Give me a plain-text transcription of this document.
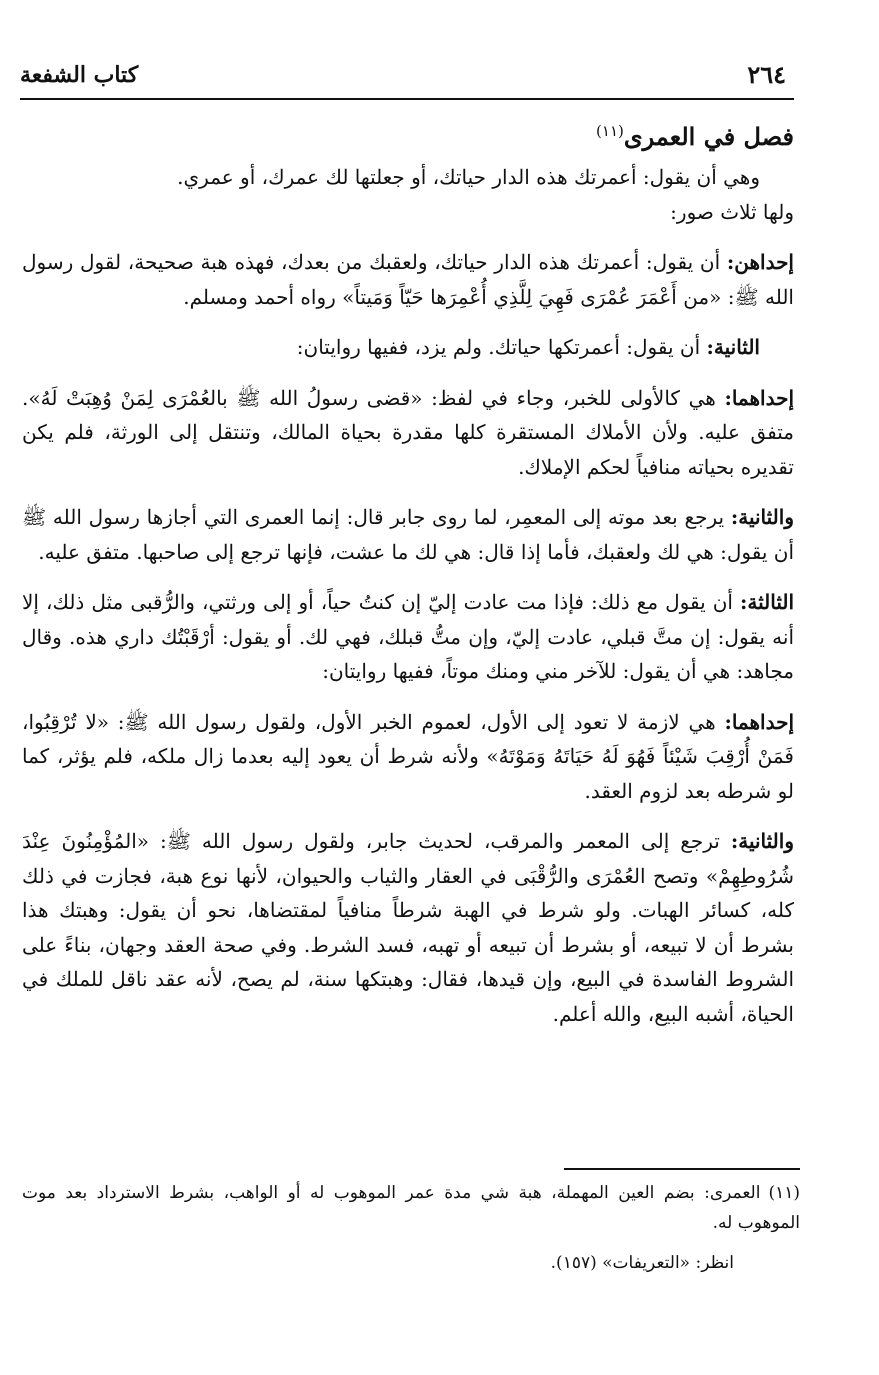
٢٦٤
كتاب الشفعة
فصل في العمرى$^{(١١)}$

وهي أن يقول: أعمرتك هذه الدار حياتك، أو جعلتها لك عمرك، أو عمري.

ولها ثلاث صور:

إحداهن: أن يقول: أعمرتك هذه الدار حياتك، ولعقبك من بعدك، فهذه هبة صحيحة، لقول رسول الله ﷺ: «من أَعْمَرَ عُمْرَى فَهِيَ لِلَّذِي أُعْمِرَها حَيّاً وَمَيتاً» رواه أحمد ومسلم.

الثانية: أن يقول: أعمرتكها حياتك. ولم يزد، ففيها روايتان:

إحداهما: هي كالأولى للخبر، وجاء في لفظ: «قضى رسولُ الله ﷺ بالعُمْرَى لِمَنْ وُهِبَتْ لَهُ». متفق عليه. ولأن الأملاك المستقرة كلها مقدرة بحياة المالك، وتنتقل إلى الورثة، فلم يكن تقديره بحياته منافياً لحكم الإملاك.

والثانية: يرجع بعد موته إلى المعمِر، لما روى جابر قال: إنما العمرى التي أجازها رسول الله ﷺ أن يقول: هي لك ولعقبك، فأما إذا قال: هي لك ما عشت، فإنها ترجع إلى صاحبها. متفق عليه.

الثالثة: أن يقول مع ذلك: فإذا مت عادت إليّ إن كنتُ حياً، أو إلى ورثتي، والرُّقبى مثل ذلك، إلا أنه يقول: إن متَّ قبلي، عادت إليّ، وإن متُّ قبلك، فهي لك. أو يقول: أرْقَبْتُك داري هذه. وقال مجاهد: هي أن يقول: للآخر مني ومنك موتاً، ففيها روايتان:

إحداهما: هي لازمة لا تعود إلى الأول، لعموم الخبر الأول، ولقول رسول الله ﷺ: «لا تُرْقِبُوا، فَمَنْ أُرْقِبَ شَيْئاً فَهُوَ لَهُ حَيَاتَهُ وَمَوْتَهُ» ولأنه شرط أن يعود إليه بعدما زال ملكه، فلم يؤثر، كما لو شرطه بعد لزوم العقد.

والثانية: ترجع إلى المعمر والمرقب، لحديث جابر، ولقول رسول الله ﷺ: «المُؤْمِنُونَ عِنْدَ شُرُوطِهِمْ» وتصح العُمْرَى والرُّقْبَى في العقار والثياب والحيوان، لأنها نوع هبة، فجازت في ذلك كله، كسائر الهبات. ولو شرط في الهبة شرطاً منافياً لمقتضاها، نحو أن يقول: وهبتك هذا بشرط أن لا تبيعه، أو بشرط أن تبيعه أو تهبه، فسد الشرط. وفي صحة العقد وجهان، بناءً على الشروط الفاسدة في البيع، وإن قيدها، فقال: وهبتكها سنة، لم يصح، لأنه عقد ناقل للملك في الحياة، أشبه البيع، والله أعلم.

(١١)العمرى: بضم العين المهملة، هبة شي مدة عمر الموهوب له أو الواهب، بشرط الاسترداد بعد موت الموهوب له.

انظر: «التعريفات» (١٥٧).
